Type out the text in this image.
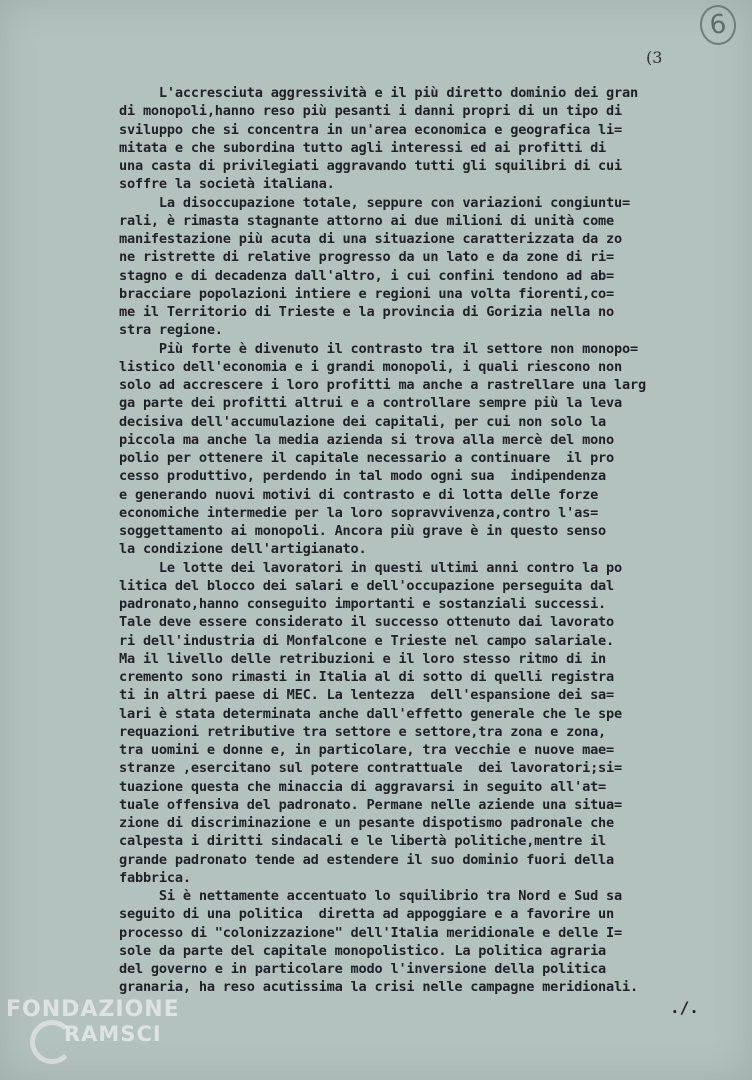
6
(3
L'accresciuta aggressività e il più diretto dominio dei gran
di monopoli,hanno reso più pesanti i danni propri di un tipo di
sviluppo che si concentra in un'area economica e geografica li=
mitata e che subordina tutto agli interessi ed ai profitti di
una casta di privilegiati aggravando tutti gli squilibri di cui
soffre la società italiana.
La disoccupazione totale, seppure con variazioni congiuntu=
rali, è rimasta stagnante attorno ai due milioni di unità come
manifestazione più acuta di una situazione caratterizzata da zo
ne ristrette di relative progresso da un lato e da zone di ri=
stagno e di decadenza dall'altro, i cui confini tendono ad ab=
bracciare popolazioni intiere e regioni una volta fiorenti,co=
me il Territorio di Trieste e la provincia di Gorizia nella no
stra regione.
Più forte è divenuto il contrasto tra il settore non monopo=
listico dell'economia e i grandi monopoli, i quali riescono non
solo ad accrescere i loro profitti ma anche a rastrellare una larg
ga parte dei profitti altrui e a controllare sempre più la leva
decisiva dell'accumulazione dei capitali, per cui non solo la
piccola ma anche la media azienda si trova alla mercè del mono
polio per ottenere il capitale necessario a continuare  il pro
cesso produttivo, perdendo in tal modo ogni sua  indipendenza
e generando nuovi motivi di contrasto e di lotta delle forze
economiche intermedie per la loro sopravvivenza,contro l'as=
soggettamento ai monopoli. Ancora più grave è in questo senso
la condizione dell'artigianato.
Le lotte dei lavoratori in questi ultimi anni contro la po
litica del blocco dei salari e dell'occupazione perseguita dal
padronato,hanno conseguito importanti e sostanziali successi.
Tale deve essere considerato il successo ottenuto dai lavorato
ri dell'industria di Monfalcone e Trieste nel campo salariale.
Ma il livello delle retribuzioni e il loro stesso ritmo di in
cremento sono rimasti in Italia al di sotto di quelli registra
ti in altri paese di MEC. La lentezza  dell'espansione dei sa=
lari è stata determinata anche dall'effetto generale che le spe
requazioni retributive tra settore e settore,tra zona e zona,
tra uomini e donne e, in particolare, tra vecchie e nuove mae=
stranze ,esercitano sul potere contrattuale  dei lavoratori;si=
tuazione questa che minaccia di aggravarsi in seguito all'at=
tuale offensiva del padronato. Permane nelle aziende una situa=
zione di discriminazione e un pesante dispotismo padronale che
calpesta i diritti sindacali e le libertà politiche,mentre il
grande padronato tende ad estendere il suo dominio fuori della
fabbrica.
Si è nettamente accentuato lo squilibrio tra Nord e Sud sa
seguito di una politica  diretta ad appoggiare e a favorire un
processo di "colonizzazione" dell'Italia meridionale e delle I=
sole da parte del capitale monopolistico. La politica agraria
del governo e in particolare modo l'inversione della politica
granaria, ha reso acutissima la crisi nelle campagne meridionali.
./.
FONDAZIONE
RAMSCI
